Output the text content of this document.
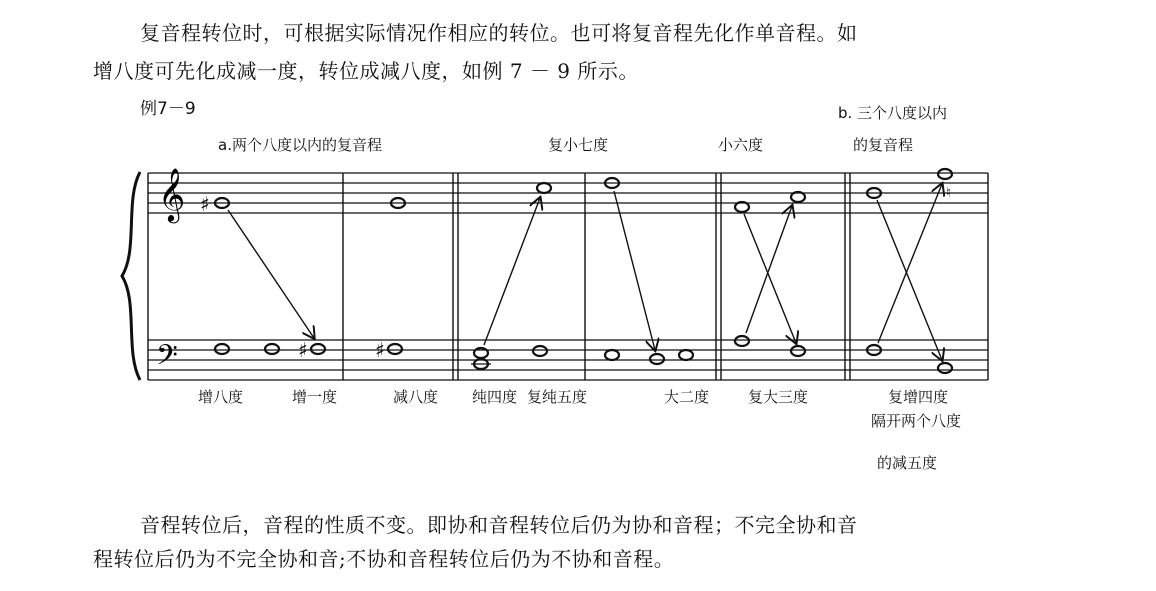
复音程转位时，可根据实际情况作相应的转位。也可将复音程先化作单音程。如
增八度可先化成减一度，转位成减八度，如例 7 － 9 所示。
例7－9
a.两个八度以内的复音程	复小七度	小六度
b. 三个八度以内
的复音程
增八度	增一度	减八度 纯四度 复纯五度	大二度	复大三度	复增四度
隔开两个八度
的减五度
𝄞
𝄢
♯
♯	♯
♮
音程转位后，音程的性质不变。即协和音程转位后仍为协和音程；不完全协和音
程转位后仍为不完全协和音;不协和音程转位后仍为不协和音程。
